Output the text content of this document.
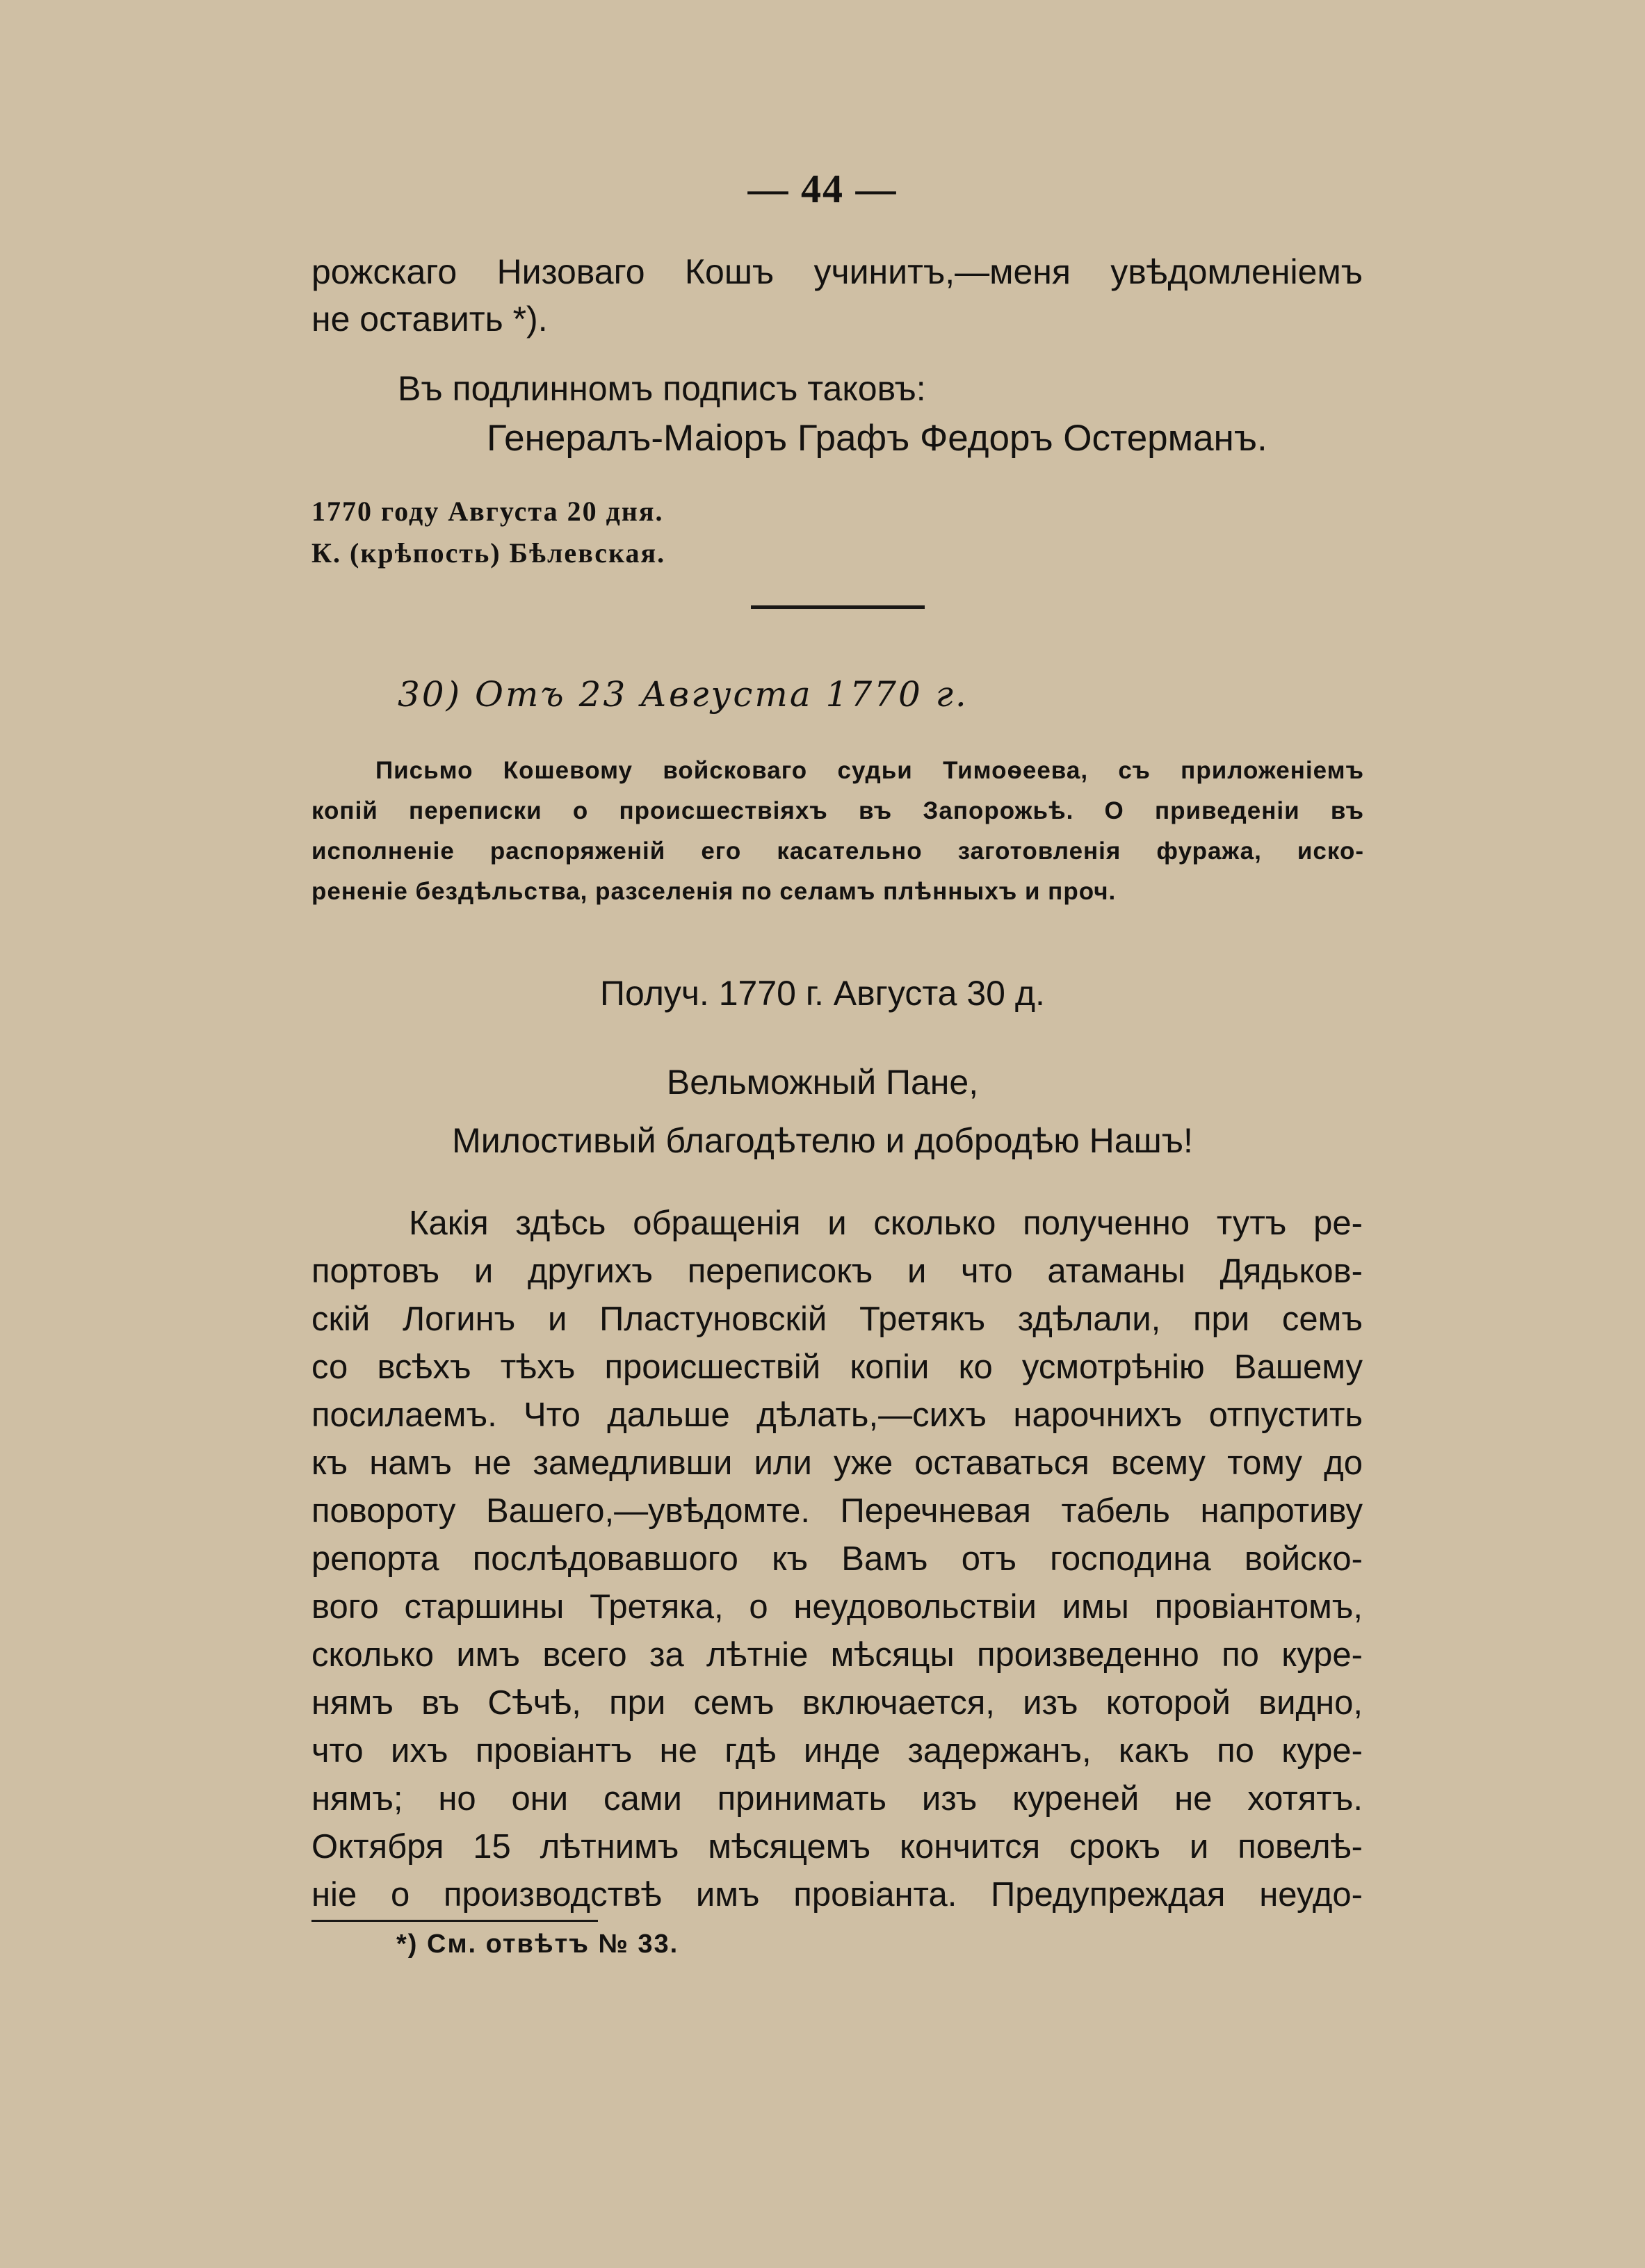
— 44 —
рожскаго Низоваго Кошъ учинитъ,—меня увѣдомленіемъ
не оставить *).
Въ подлинномъ подписъ таковъ:
Генералъ-Маіоръ Графъ Федоръ Остерманъ.
1770 году Августа 20 дня.
К. (крѣпость) Бѣлевская.
30) Отъ 23 Августа 1770 г.
Письмо Кошевому войсковаго судьи Тимоѳеева, съ приложеніемъ
копій переписки о происшествіяхъ въ Запорожьѣ. О приведеніи въ
исполненіе распоряженій его касательно заготовленія фуража, иско-
рененіе бездѣльства, разселенія по селамъ плѣнныхъ и проч.
Получ. 1770 г. Августа 30 д.
Вельможный Пане,
Милостивый благодѣтелю и добродѣю Нашъ!
Какія здѣсь обращенія и сколько полученно тутъ ре-
портовъ и другихъ переписокъ и что атаманы Дядьков-
скій Логинъ и Пластуновскій Третякъ здѣлали, при семъ
со всѣхъ тѣхъ происшествій копіи ко усмотрѣнію Вашему
посилаемъ. Что дальше дѣлать,—сихъ нарочнихъ отпустить
къ намъ не замедливши или уже оставаться всему тому до
повороту Вашего,—увѣдомте. Перечневая табель напротиву
репорта послѣдовавшого къ Вамъ отъ господина войско-
вого старшины Третяка, о неудовольствіи имы провіантомъ,
сколько имъ всего за лѣтніе мѣсяцы произведенно по куре-
нямъ въ Сѣчѣ, при семъ включается, изъ которой видно,
что ихъ провіантъ не гдѣ инде задержанъ, какъ по куре-
нямъ; но они сами принимать изъ куреней не хотятъ.
Октября 15 лѣтнимъ мѣсяцемъ кончится срокъ и повелѣ-
ніе о производствѣ имъ провіанта. Предупреждая неудо-
*) См. отвѣтъ № 33.
